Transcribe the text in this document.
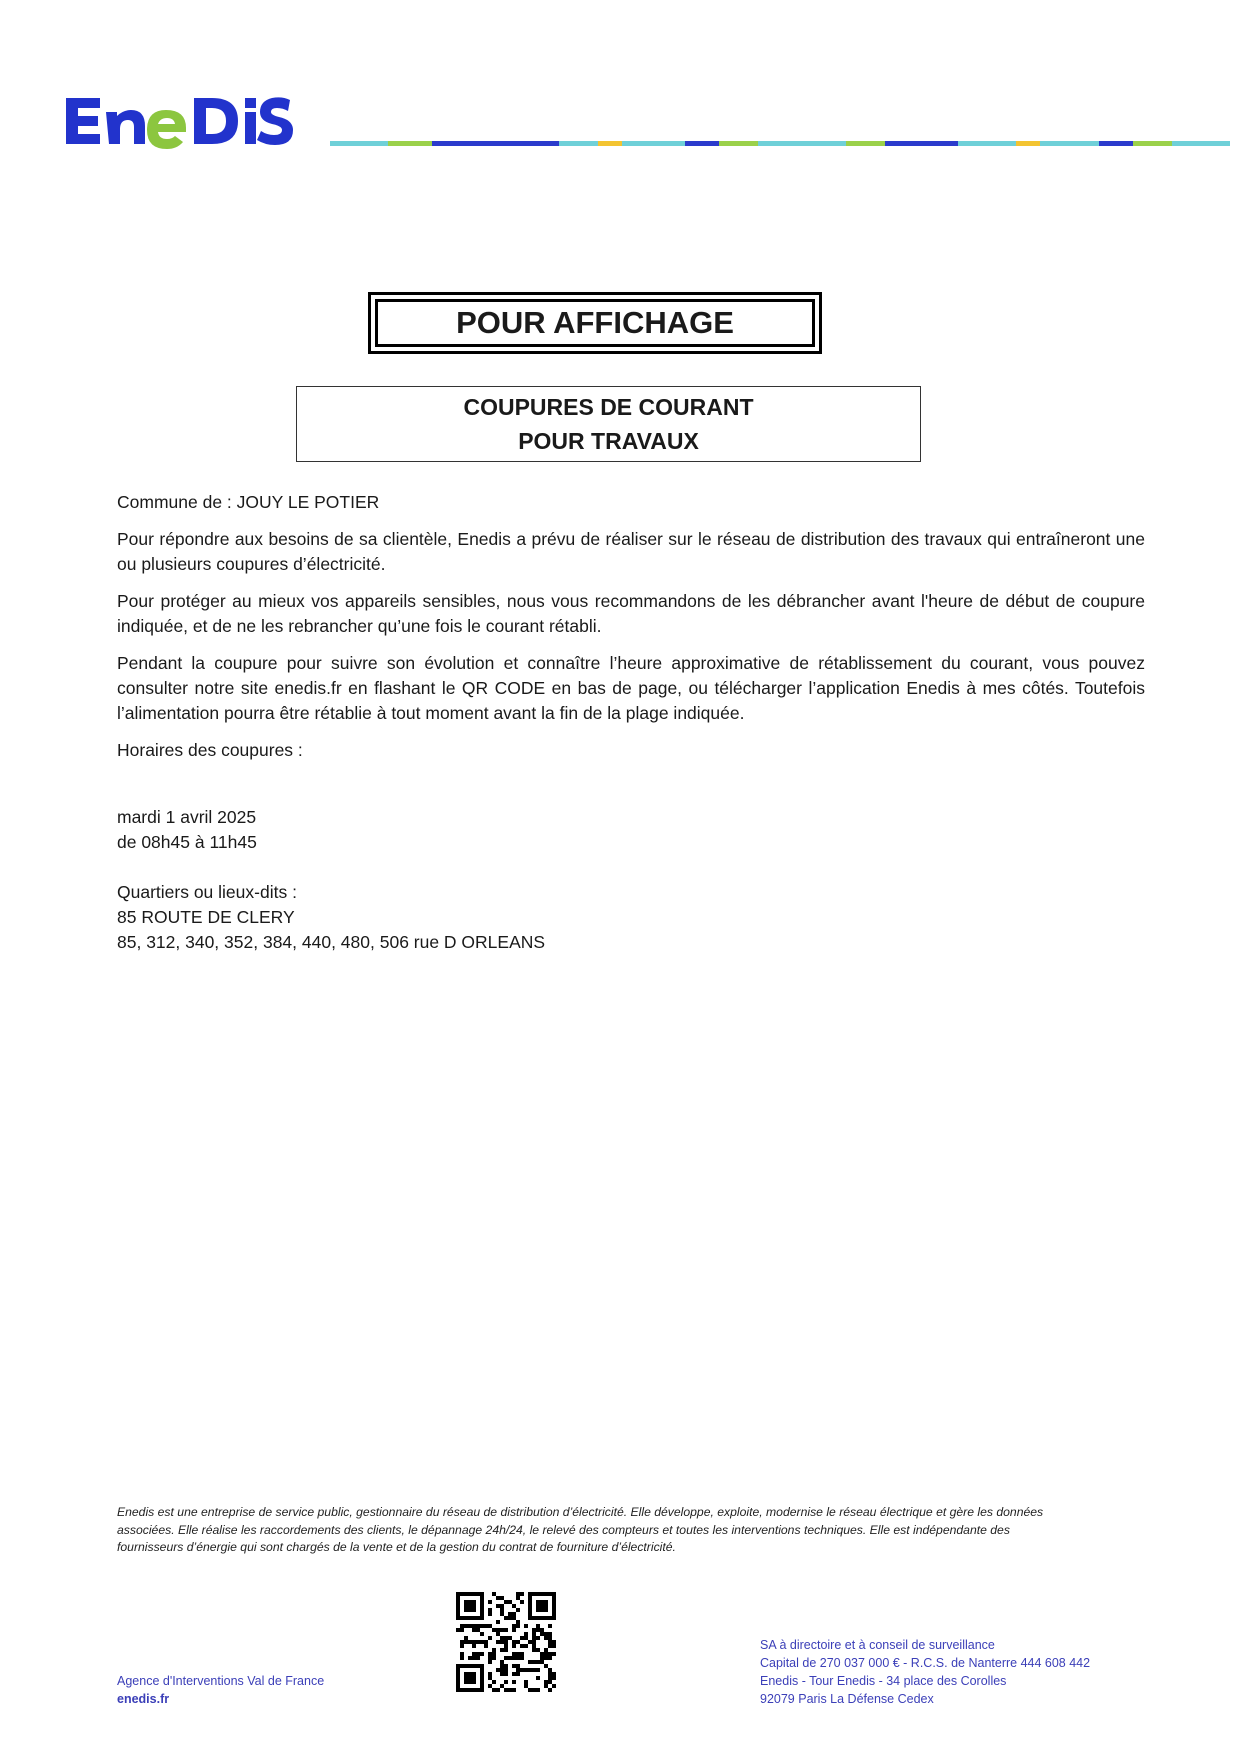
POUR AFFICHAGE
COUPURES DE COURANT
POUR TRAVAUX

Commune de : JOUY LE POTIER

Pour répondre aux besoins de sa clientèle, Enedis a prévu de réaliser sur le réseau de distribution des travaux qui entraîneront une ou plusieurs coupures d’électricité.

Pour protéger au mieux vos appareils sensibles, nous vous recommandons de les débrancher avant l'heure de début de coupure indiquée, et de ne les rebrancher qu’une fois le courant rétabli.

Pendant la coupure pour suivre son évolution et connaître l’heure approximative de rétablissement du courant, vous pouvez consulter notre site enedis.fr en flashant le QR CODE en bas de page, ou télécharger l’application Enedis à mes côtés. Toutefois l’alimentation pourra être rétablie à tout moment avant la fin de la plage indiquée.

Horaires des coupures :

mardi 1 avril 2025

de 08h45 à 11h45

Quartiers ou lieux-dits :

85 ROUTE DE CLERY

85, 312, 340, 352, 384, 440, 480, 506 rue D ORLEANS

Enedis est une entreprise de service public, gestionnaire du réseau de distribution d’électricité. Elle développe, exploite, modernise le réseau électrique et gère les données
associées. Elle réalise les raccordements des clients, le dépannage 24h/24, le relevé des compteurs et toutes les interventions techniques. Elle est indépendante des
fournisseurs d’énergie qui sont chargés de la vente et de la gestion du contrat de fourniture d’électricité.
Agence d'Interventions Val de France
enedis.fr
SA à directoire et à conseil de surveillance
Capital de 270 037 000 € - R.C.S. de Nanterre 444 608 442
Enedis - Tour Enedis - 34 place des Corolles
92079 Paris La Défense Cedex
